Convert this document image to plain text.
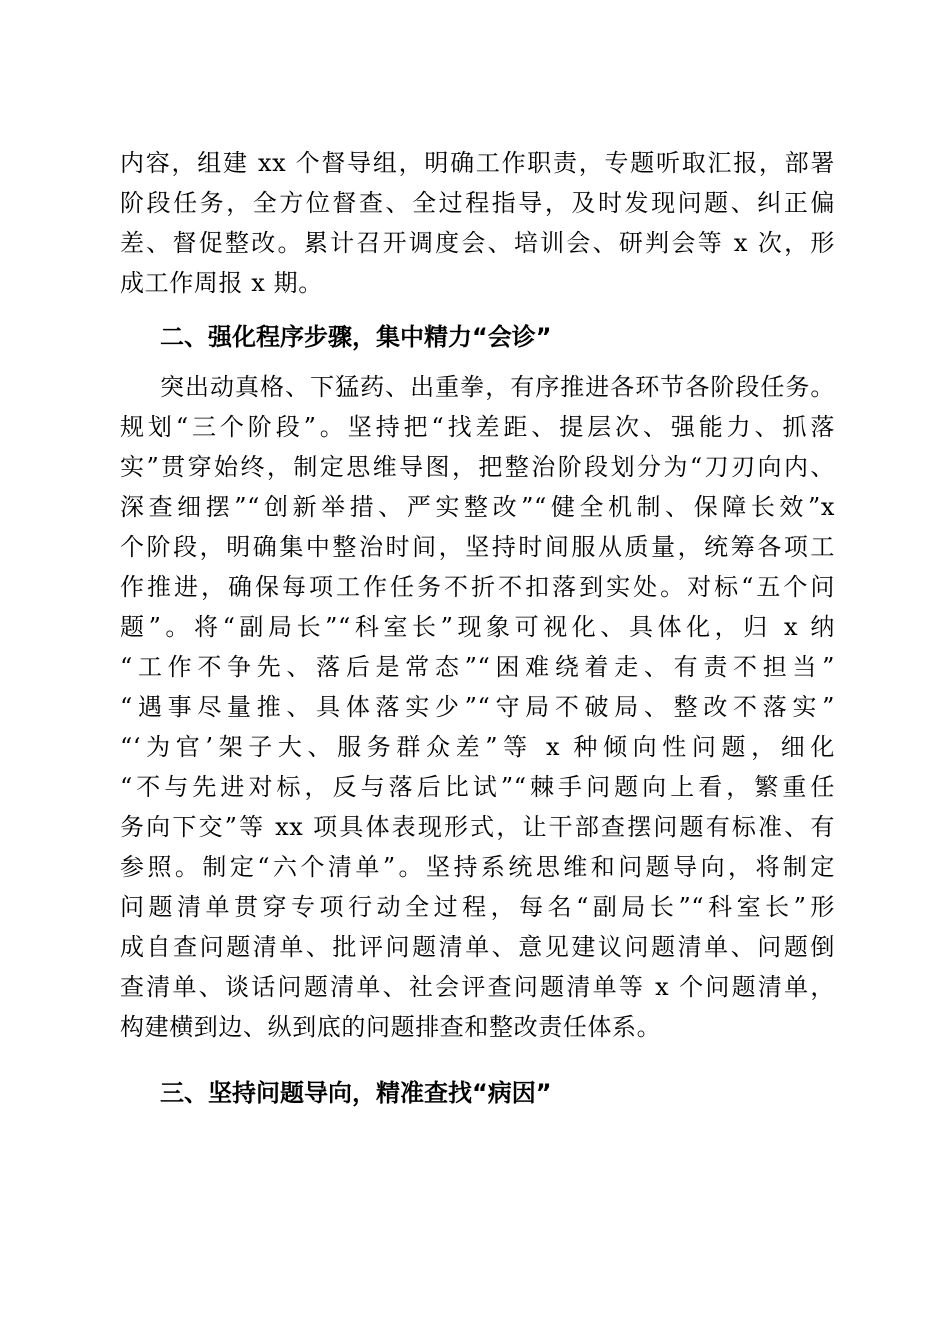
内容，组建 xx 个督导组，明确工作职责，专题听取汇报，部署
阶段任务，全方位督查、全过程指导，及时发现问题、纠正偏
差、督促整改。累计召开调度会、培训会、研判会等 x 次，形
成工作周报 x 期。
二、强化程序步骤，集中精力“会诊”
突出动真格、下猛药、出重拳，有序推进各环节各阶段任务。
规划“三个阶段”。坚持把“找差距、提层次、强能力、抓落
实”贯穿始终，制定思维导图，把整治阶段划分为“刀刃向内、
深查细摆”“创新举措、严实整改”“健全机制、保障长效”x
个阶段，明确集中整治时间，坚持时间服从质量，统筹各项工
作推进，确保每项工作任务不折不扣落到实处。对标“五个问
题”。将“副局长”“科室长”现象可视化、具体化，归 x 纳
“工作不争先、落后是常态”“困难绕着走、有责不担当”
“遇事尽量推、具体落实少”“守局不破局、整改不落实”
“‘为官’架子大、服务群众差”等 x 种倾向性问题，细化
“不与先进对标，反与落后比试”“棘手问题向上看，繁重任
务向下交”等 xx 项具体表现形式，让干部查摆问题有标准、有
参照。制定“六个清单”。坚持系统思维和问题导向，将制定
问题清单贯穿专项行动全过程，每名“副局长”“科室长”形
成自查问题清单、批评问题清单、意见建议问题清单、问题倒
查清单、谈话问题清单、社会评查问题清单等 x 个问题清单，
构建横到边、纵到底的问题排查和整改责任体系。
三、坚持问题导向，精准查找“病因”
